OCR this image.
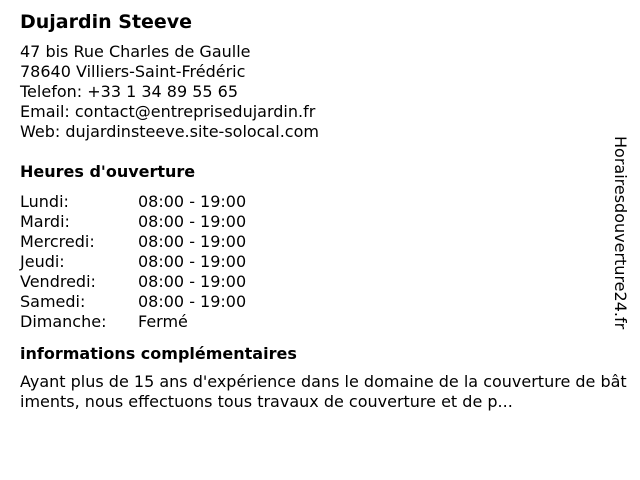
Dujardin Steeve
47 bis Rue Charles de Gaulle
78640 Villiers-Saint-Frédéric
Telefon: +33 1 34 89 55 65
Email: contact@entreprisedujardin.fr
Web: dujardinsteeve.site-solocal.com
Heures d'ouverture
Lundi:	08:00 - 19:00
Mardi:	08:00 - 19:00
Mercredi:	08:00 - 19:00
Jeudi:	08:00 - 19:00
Vendredi:	08:00 - 19:00
Samedi:	08:00 - 19:00
Dimanche:	Fermé
informations complémentaires
Ayant plus de 15 ans d'expérience dans le domaine de la couverture de bâtiments, nous effectuons tous travaux de couverture et de p...
Horairesdouverture24.fr
